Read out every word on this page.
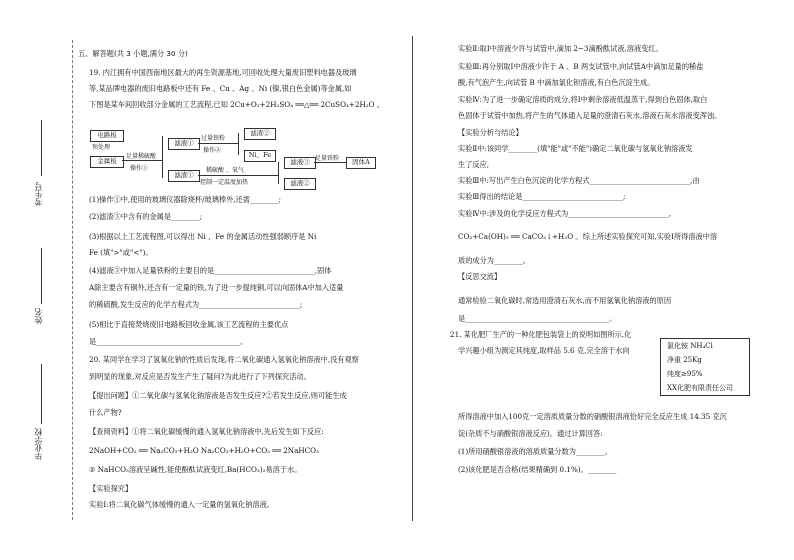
考生号
姓名
毕业学校
五、解答题(共 3 小题,满分 30 分)
19. 内江拥有中国西南地区最大的再生资源基地,可回收处理大量废旧塑料电器及玻璃
等,某品牌电器的废旧电路板中还有 Fe 、Cu 、Ag 、Ni (镍,银白色金属)等金属,如
下图是某车间回收部分金属的工艺流程,已知 2Cu+O₂+2H₂SO₄ ══△══ 2CuSO₄+2H₂O 。
电路板
预处理
金属板
足量稀硫酸
操作①
滤液①
滤渣①
过量铁粉
操作②
滤渣②
Ni、Fe
稀硫酸 、氧气
控制一定温度加热
滤液③
滤液②
足量铁粉	固体A
(1)操作①中,使用的玻璃仪器除烧杯/玻璃棒外,还需________;
(2)滤渣③中含有的金属是________;
(3)根据以上工艺流程图,可以得出 Ni 、Fe 的金属活动性强弱顺序是 Ni
Fe (填">"或"<")。
(4)滤液③中加入足量铁粉的主要目的是____________________________,固体
A除主要含有铜外,还含有一定量的铁,为了进一步提纯铜,可以向固体A中加入适量
的稀硫酸,发生反应的化学方程式为____________________________;
(5)相比于直接焚烧废旧电路板回收金属,该工艺流程的主要优点
是________________________________________。
20. 某同学在学习了氢氧化钠的性质后发现,将二氧化碳通入氢氧化钠溶液中,没有观察
到明显的现象,对反应是否发生产生了疑问?为此进行了下列探究活动。
【提出问题】①二氧化碳与氢氧化钠溶液是否发生反应?②若发生反应,则可能生成
什么产物?
【查阅资料】①将二氧化碳缓慢的通入氢氧化钠溶液中,先后发生如下反应:
2NaOH+CO₂ ══ Na₂CO₃+H₂O Na₂CO₃+H₂O+CO₂ ══ 2NaHCO₃
② NaHCO₃溶液呈碱性,能使酚酞试液变红,Ba(HCO₃)₂易溶于水。
【实验探究】
实验Ⅰ:将二氧化碳气体缓慢的通入一定量的氢氧化钠溶液。
实验Ⅱ:取Ⅰ中溶液少许与试管中,滴加 2~3滴酚酞试液,溶液变红。
实验Ⅲ:再分别取Ⅰ中溶液少许于 A 、B 两支试管中,向试管A中滴加足量的稀盐
酸,有气泡产生,向试管 B 中滴加氯化钡溶液,有白色沉淀生成。
实验Ⅳ:为了进一步确定溶质的成分,将Ⅰ中剩余溶液低温蒸干,得到白色固体,取白
色固体于试管中加热,将产生的气体通入足量的澄清石灰水,溶液石灰水溶液变浑浊。
【实验分析与结论】
实验Ⅱ中:该同学________(填"能"或"不能")确定二氧化碳与氢氧化钠溶液发
生了反应,
实验Ⅲ中:写出产生白色沉淀的化学方程式____________________________,由
实验Ⅲ得出的结论是____________________________;
实验Ⅳ中:涉及的化学反应方程式为____________________________,
CO₂+Ca(OH)₂ ══ CaCO₃↓+H₂O 。综上所述实验探究可知,实验Ⅰ所得溶液中溶
质的成分为________。
【反思交流】
通常检验二氧化碳时,常选用澄清石灰水,而不用氢氧化钠溶液的原因
是________________________________________。
21. 某化肥厂生产的一种化肥包装袋上的说明如图所示,化
学兴趣小组为测定其纯度,取样品 5.6 克,完全溶于水向	氯化铵 NH₄Cl
净重 25Kg
纯度≥95%
XX化肥有限责任公司
所得溶液中加入100克一定溶质质量分数的硝酸银溶液恰好完全反应生成 14.35 克沉
淀(杂质不与硝酸银溶液反应)。通过计算回答:
(1)所用硝酸银溶液的溶质质量分数为________。
(2)该化肥是否合格(结果精确到 0.1%)。________
